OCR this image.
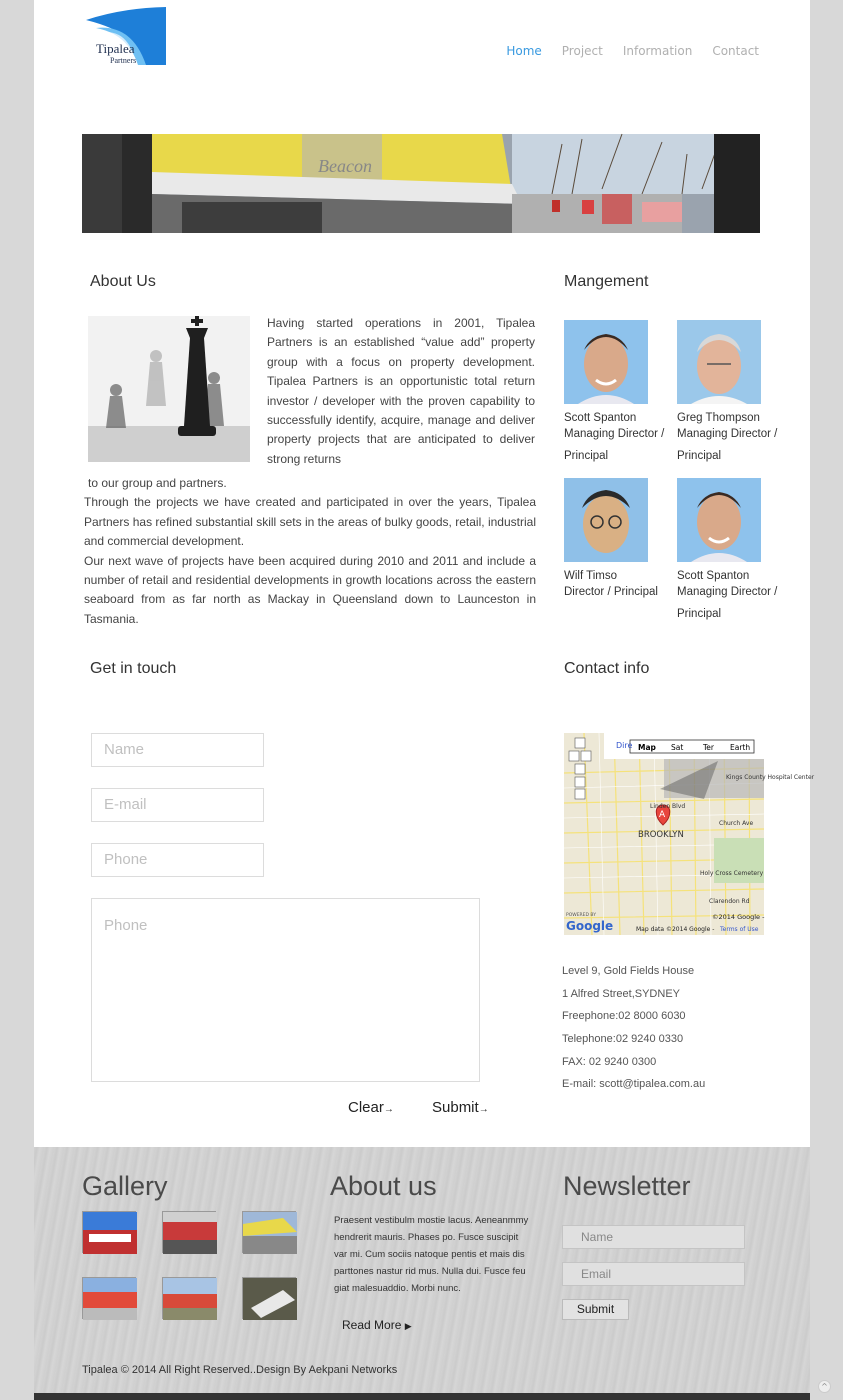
Tipalea
Partners
Home Project Information Contact
Beacon
About Us

Having started operations in 2001, Tipalea Partners is an established “value add” property group with a focus on property development. Tipalea Partners is an opportunistic total return investor / developer with the proven capability to successfully identify, acquire, manage and deliver property projects that are anticipated to deliver strong returns

to our group and partners.

Through the projects we have created and participated in over the years, Tipalea Partners has refined substantial skill sets in the areas of bulky goods, retail, industrial and commercial development.

Our next wave of projects have been acquired during 2010 and 2011 and include a number of retail and residential developments in growth locations across the eastern seaboard from as far north as Mackay in Queensland down to Launceston in Tasmania.

Mangement
Scott Spanton
Managing Director /
Principal
Greg Thompson
Managing Director /
Principal
Wilf Timso
Director / Principal
Scott Spanton
Managing Director /
Principal
Get in touch
Name
E-mail
Phone
Phone
Clear→	Submit→
Contact info
Map Sat	Ter Earth
Dire
A
BROOKLYN
Linden Blvd
Church Ave
Clarendon Rd
Holy Cross Cemetery
Kings County Hospital Center
POWERED BY
Google
©2014 Google -
Map data ©2014 Google - Terms of Use
Level 9, Gold Fields House
1 Alfred Street,SYDNEY
Freephone:02 8000 6030
Telephone:02 9240 0330
FAX: 02 9240 0300
E-mail: scott@tipalea.com.au
Gallery	About us

Praesent vestibulm mostie lacus. Aeneanmmy hendrerit mauris. Phases po. Fusce suscipit var mi. Cum sociis natoque pentis et mais dis parttones nastur rid mus. Nulla dui. Fusce feu giat malesuaddio. Morbi nunc.

Read More ▶
Newsletter
Name
Email
Submit
Tipalea © 2014 All Right Reserved..Design By Aekpani Networks
^
